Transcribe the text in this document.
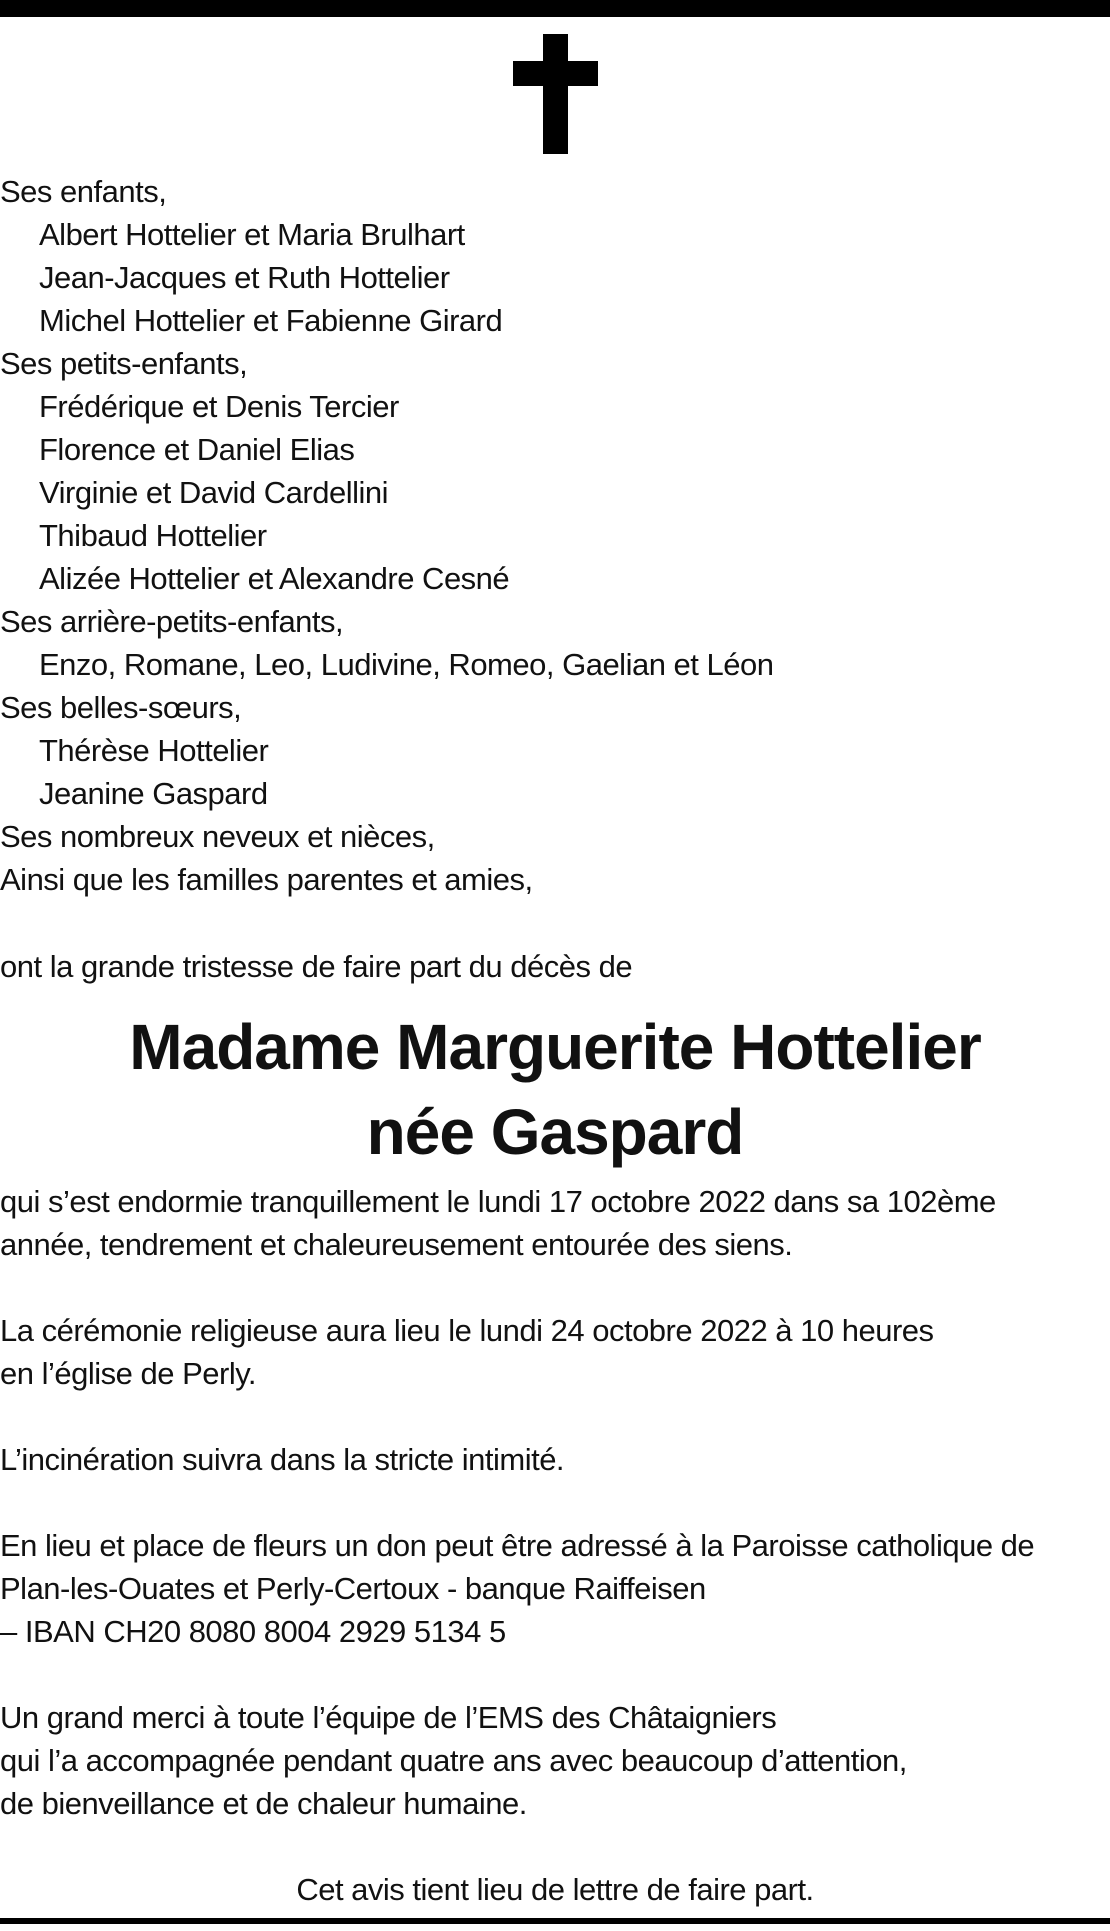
Ses enfants,
Albert Hottelier et Maria Brulhart
Jean-Jacques et Ruth Hottelier
Michel Hottelier et Fabienne Girard
Ses petits-enfants,
Frédérique et Denis Tercier
Florence et Daniel Elias
Virginie et David Cardellini
Thibaud Hottelier
Alizée Hottelier et Alexandre Cesné
Ses arrière-petits-enfants,
Enzo, Romane, Leo, Ludivine, Romeo, Gaelian et Léon
Ses belles-sœurs,
Thérèse Hottelier
Jeanine Gaspard
Ses nombreux neveux et nièces,
Ainsi que les familles parentes et amies,
ont la grande tristesse de faire part du décès de
Madame Marguerite Hottelier
née Gaspard
qui s’est endormie tranquillement le lundi 17 octobre 2022 dans sa 102ème
année, tendrement et chaleureusement entourée des siens.
La cérémonie religieuse aura lieu le lundi 24 octobre 2022 à 10 heures
en l’église de Perly.
L’incinération suivra dans la stricte intimité.
En lieu et place de fleurs un don peut être adressé à la Paroisse catholique de
Plan-les-Ouates et Perly-Certoux - banque Raiffeisen
– IBAN CH20 8080 8004 2929 5134 5
Un grand merci à toute l’équipe de l’EMS des Châtaigniers
qui l’a accompagnée pendant quatre ans avec beaucoup d’attention,
de bienveillance et de chaleur humaine.
Cet avis tient lieu de lettre de faire part.
